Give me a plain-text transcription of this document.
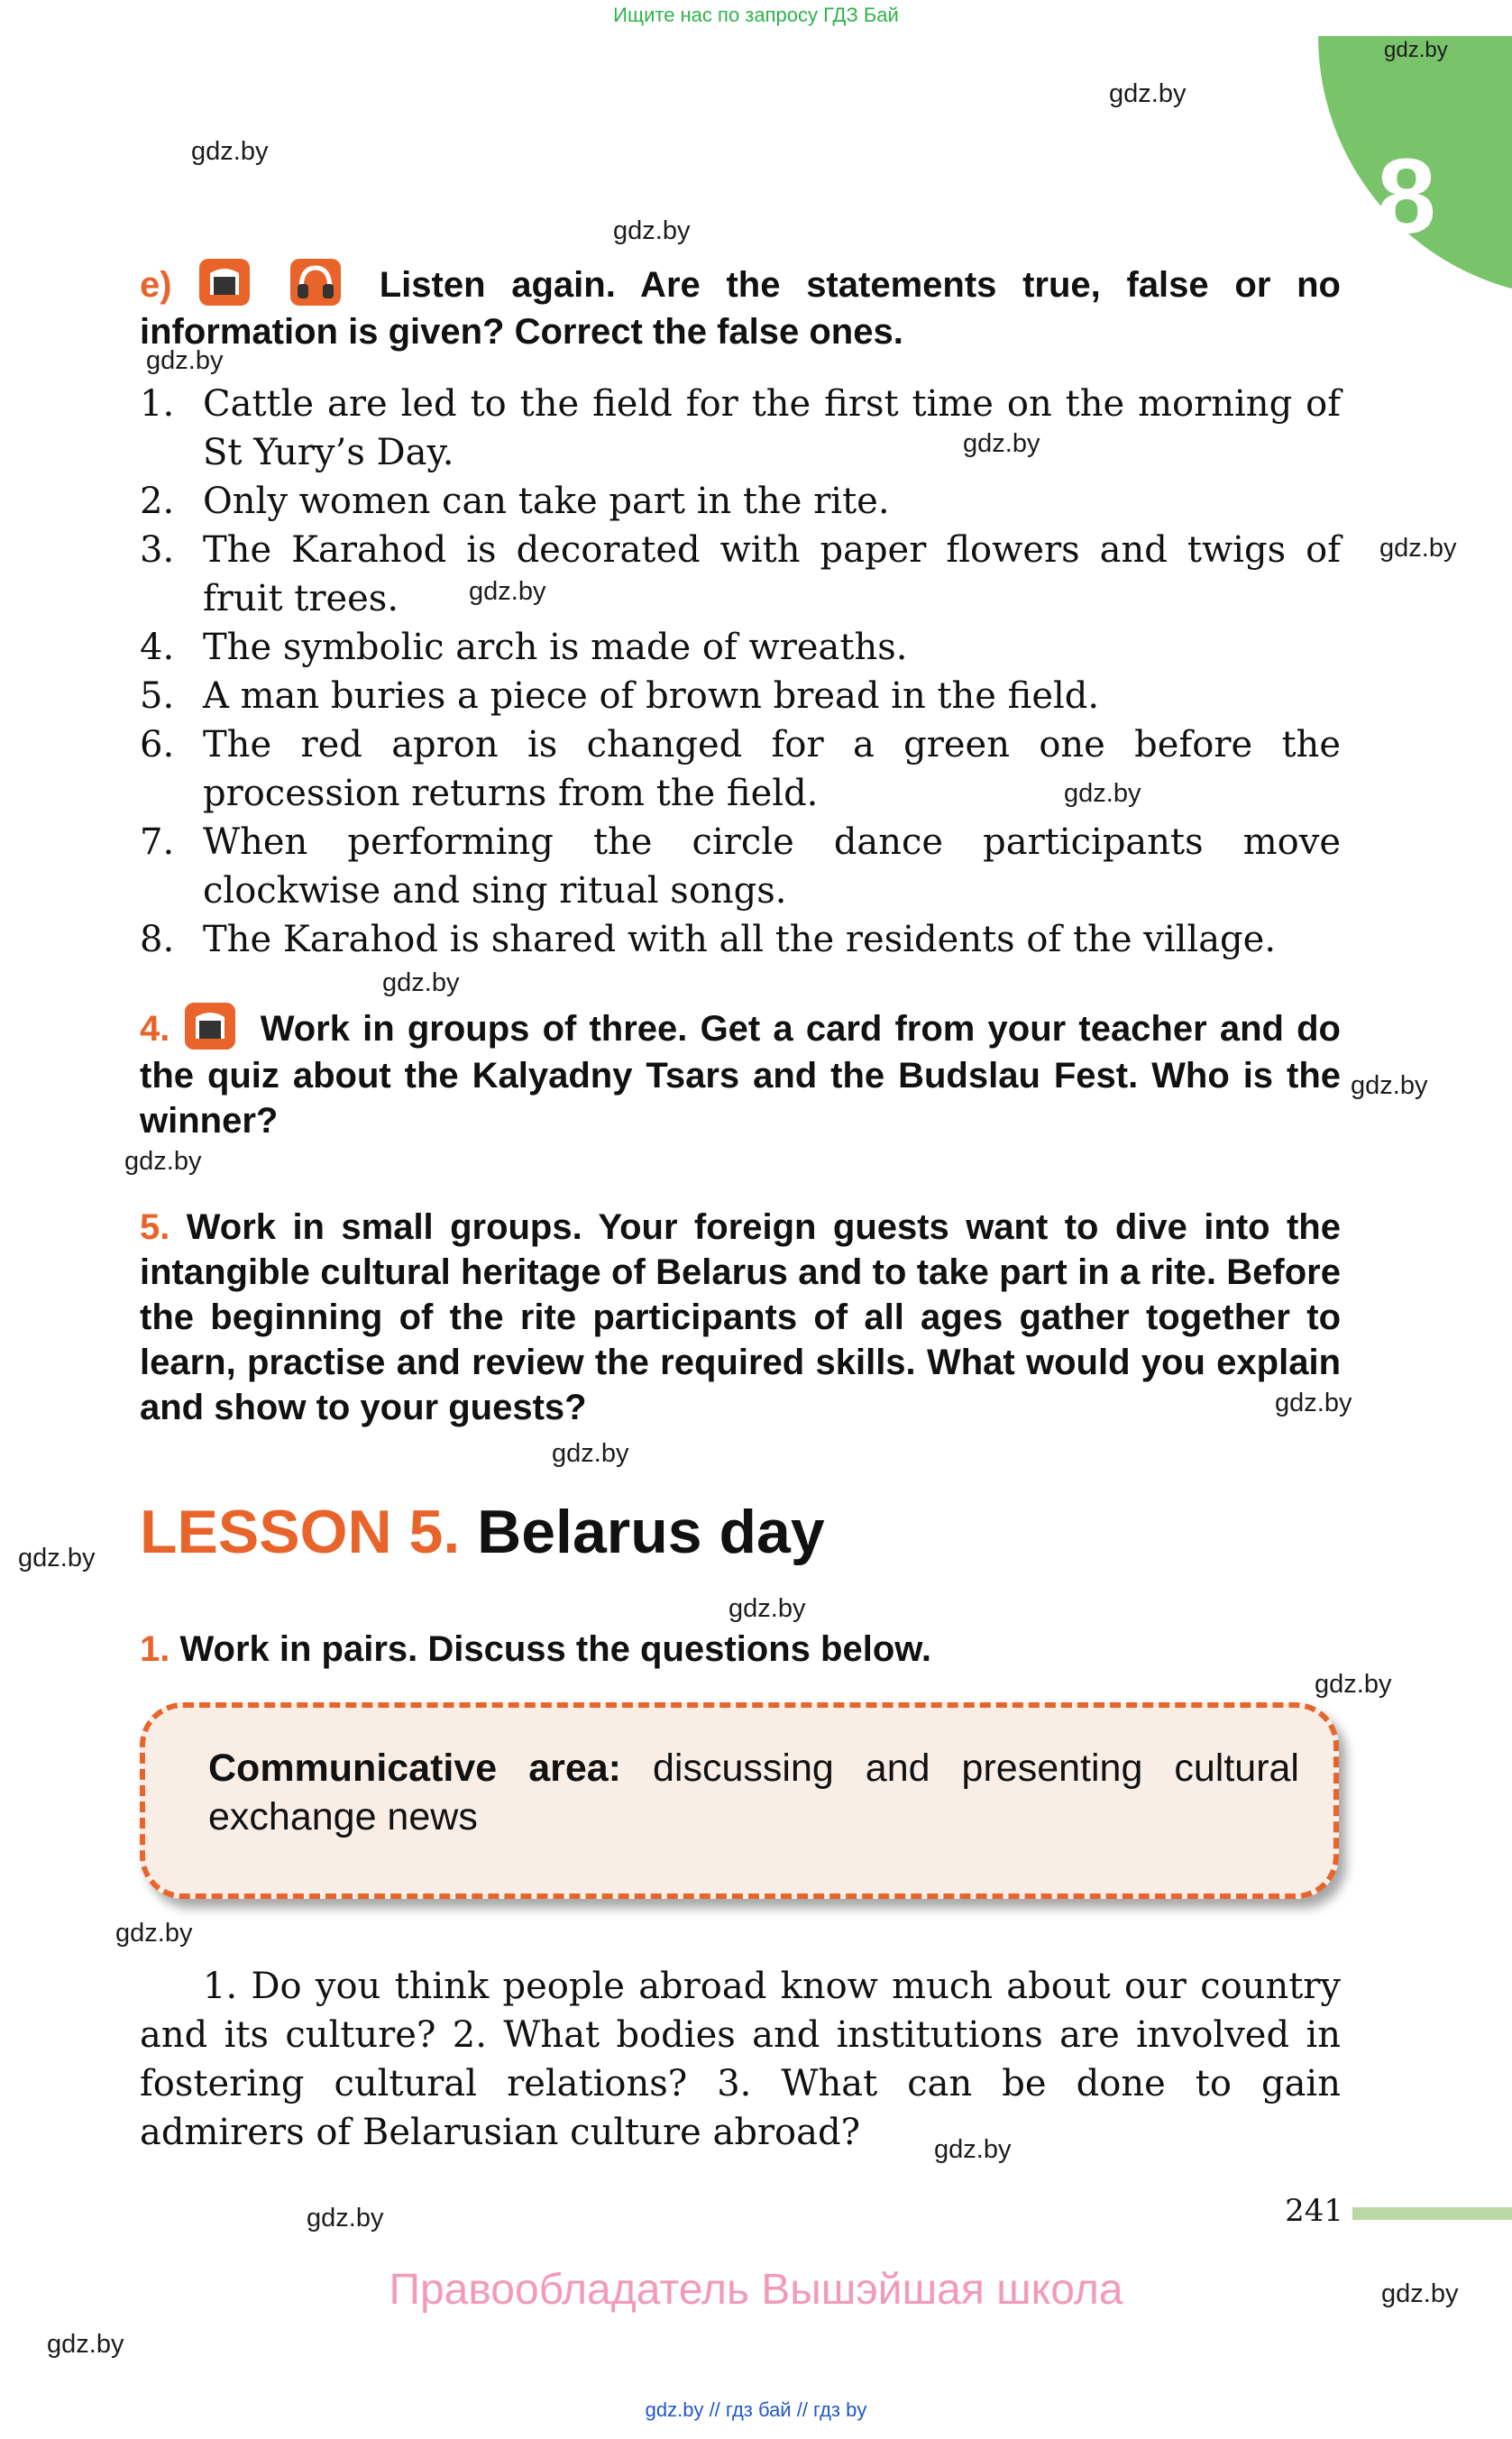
Ищите нас по запросу ГДЗ Бай
8
gdz.by
gdz.by
gdz.by
gdz.by
gdz.by
gdz.by
gdz.by
gdz.by
gdz.by
gdz.by
gdz.by
gdz.by
gdz.by
gdz.by
gdz.by
gdz.by
gdz.by
gdz.by
gdz.by
gdz.by
gdz.by
gdz.by
e)	Listen again. Are the statements true, false or no information is given? Correct the false ones.
1. Cattle are led to the field for the first time on the morning of St Yury’s Day.
2. Only women can take part in the rite.
3. The Karahod is decorated with paper flowers and twigs of fruit trees.
4. The symbolic arch is made of wreaths.
5. A man buries a piece of brown bread in the field.
6. The red apron is changed for a green one before the procession returns from the field.
7. When performing the circle dance participants move clockwise and sing ritual songs.
8. The Karahod is shared with all the residents of the village.
4.	Work in groups of three. Get a card from your teacher and do the quiz about the Kalyadny Tsars and the Budslau Fest. Who is the winner?
5. Work in small groups. Your foreign guests want to dive into the intangible cultural heritage of Belarus and to take part in a rite. Before the beginning of the rite participants of all ages gather together to learn, practise and review the required skills. What would you explain and show to your guests?
LESSON 5. Belarus day
1. Work in pairs. Discuss the questions below.
Communicative area: discussing and presenting cultural exchange news
1. Do you think people abroad know much about our country and its culture? 2. What bodies and institutions are involved in fostering cultural relations? 3. What can be done to gain admirers of Belarusian culture abroad?
241
Правообладатель Вышэйшая школа
gdz.by // гдз бай // гдз by
